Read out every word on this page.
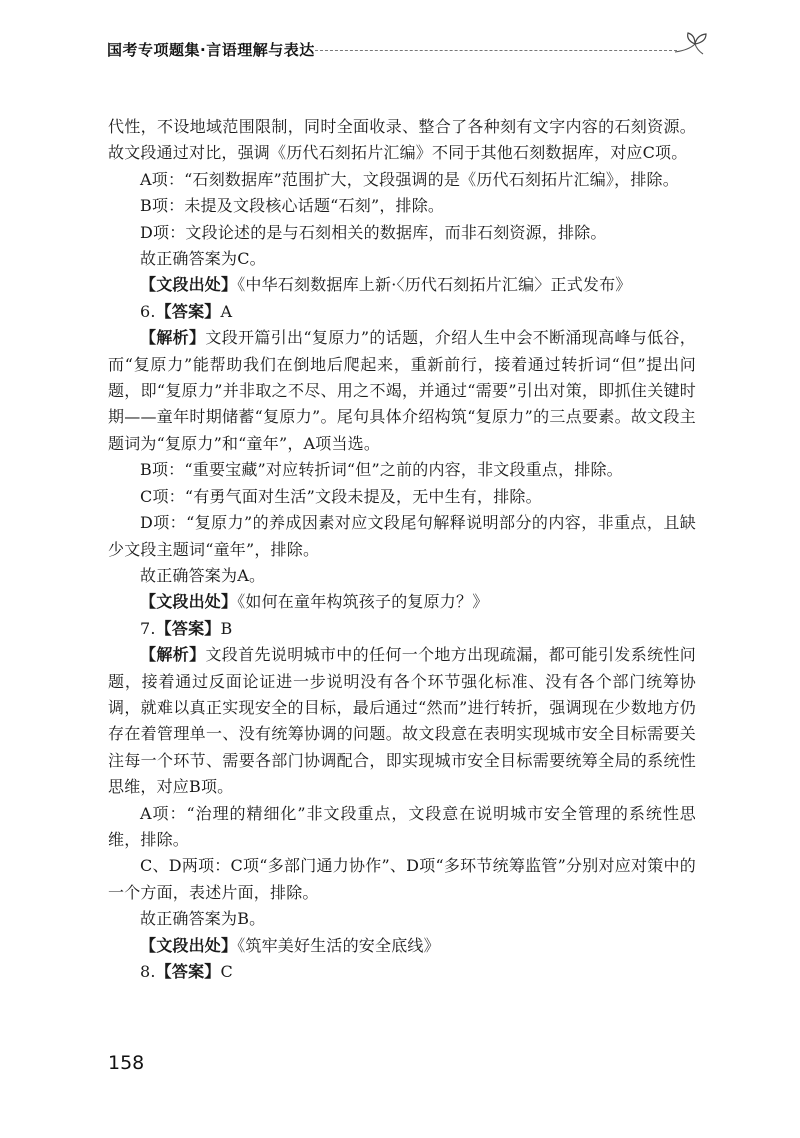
国考专项题集·言语理解与表达

代性，不设地域范围限制，同时全面收录、整合了各种刻有文字内容的石刻资源。故文段通过对比，强调《历代石刻拓片汇编》不同于其他石刻数据库，对应C项。

A项：“石刻数据库”范围扩大，文段强调的是《历代石刻拓片汇编》，排除。

B项：未提及文段核心话题“石刻”，排除。

D项：文段论述的是与石刻相关的数据库，而非石刻资源，排除。

故正确答案为C。

【文段出处】《中华石刻数据库上新·〈历代石刻拓片汇编〉正式发布》

6.【答案】A

【解析】文段开篇引出“复原力”的话题，介绍人生中会不断涌现高峰与低谷，而“复原力”能帮助我们在倒地后爬起来，重新前行，接着通过转折词“但”提出问题，即“复原力”并非取之不尽、用之不竭，并通过“需要”引出对策，即抓住关键时期——童年时期储蓄“复原力”。尾句具体介绍构筑“复原力”的三点要素。故文段主题词为“复原力”和“童年”，A项当选。

B项：“重要宝藏”对应转折词“但”之前的内容，非文段重点，排除。

C项：“有勇气面对生活”文段未提及，无中生有，排除。

D项：“复原力”的养成因素对应文段尾句解释说明部分的内容，非重点，且缺少文段主题词“童年”，排除。

故正确答案为A。

【文段出处】《如何在童年构筑孩子的复原力？》

7.【答案】B

【解析】文段首先说明城市中的任何一个地方出现疏漏，都可能引发系统性问题，接着通过反面论证进一步说明没有各个环节强化标准、没有各个部门统筹协调，就难以真正实现安全的目标，最后通过“然而”进行转折，强调现在少数地方仍存在着管理单一、没有统筹协调的问题。故文段意在表明实现城市安全目标需要关注每一个环节、需要各部门协调配合，即实现城市安全目标需要统筹全局的系统性思维，对应B项。

A项：“治理的精细化”非文段重点，文段意在说明城市安全管理的系统性思维，排除。

C、D两项：C项“多部门通力协作”、D项“多环节统筹监管”分别对应对策中的一个方面，表述片面，排除。

故正确答案为B。

【文段出处】《筑牢美好生活的安全底线》

8.【答案】C

158
